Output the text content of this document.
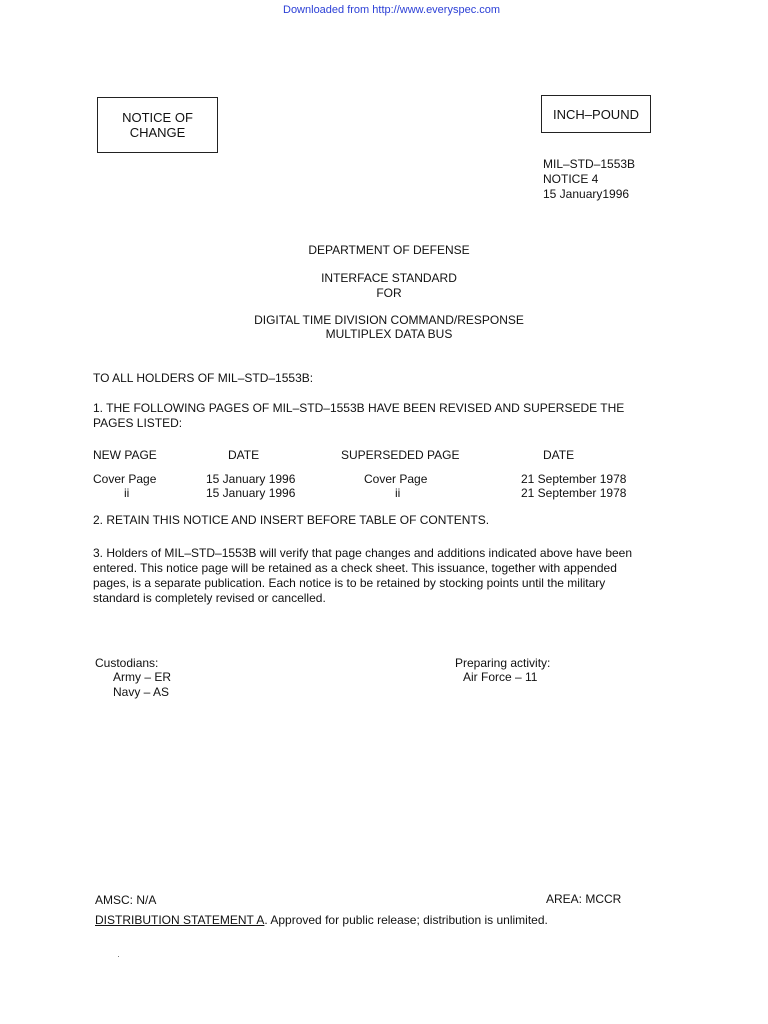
Downloaded from http://www.everyspec.com
NOTICE OF
CHANGE
INCH–POUND
MIL–STD–1553B
NOTICE 4
15 January1996
DEPARTMENT OF DEFENSE
INTERFACE STANDARD
FOR
DIGITAL TIME DIVISION COMMAND/RESPONSE
MULTIPLEX DATA BUS
TO ALL HOLDERS OF MIL–STD–1553B:
1. THE FOLLOWING PAGES OF MIL–STD–1553B HAVE BEEN REVISED AND SUPERSEDE THE
PAGES LISTED:
NEW PAGE	DATE	SUPERSEDED PAGE	DATE
Cover Page	15 January 1996	Cover Page	21 September 1978
ii	15 January 1996	ii	21 September 1978
2. RETAIN THIS NOTICE AND INSERT BEFORE TABLE OF CONTENTS.
3. Holders of MIL–STD–1553B will verify that page changes and additions indicated above have been
entered. This notice page will be retained as a check sheet. This issuance, together with appended
pages, is a separate publication. Each notice is to be retained by stocking points until the military
standard is completely revised or cancelled.
Custodians:
Army – ER
Navy – AS
Preparing activity:
Air Force – 11
AMSC: N/A	AREA: MCCR
DISTRIBUTION STATEMENT A. Approved for public release; distribution is unlimited.
